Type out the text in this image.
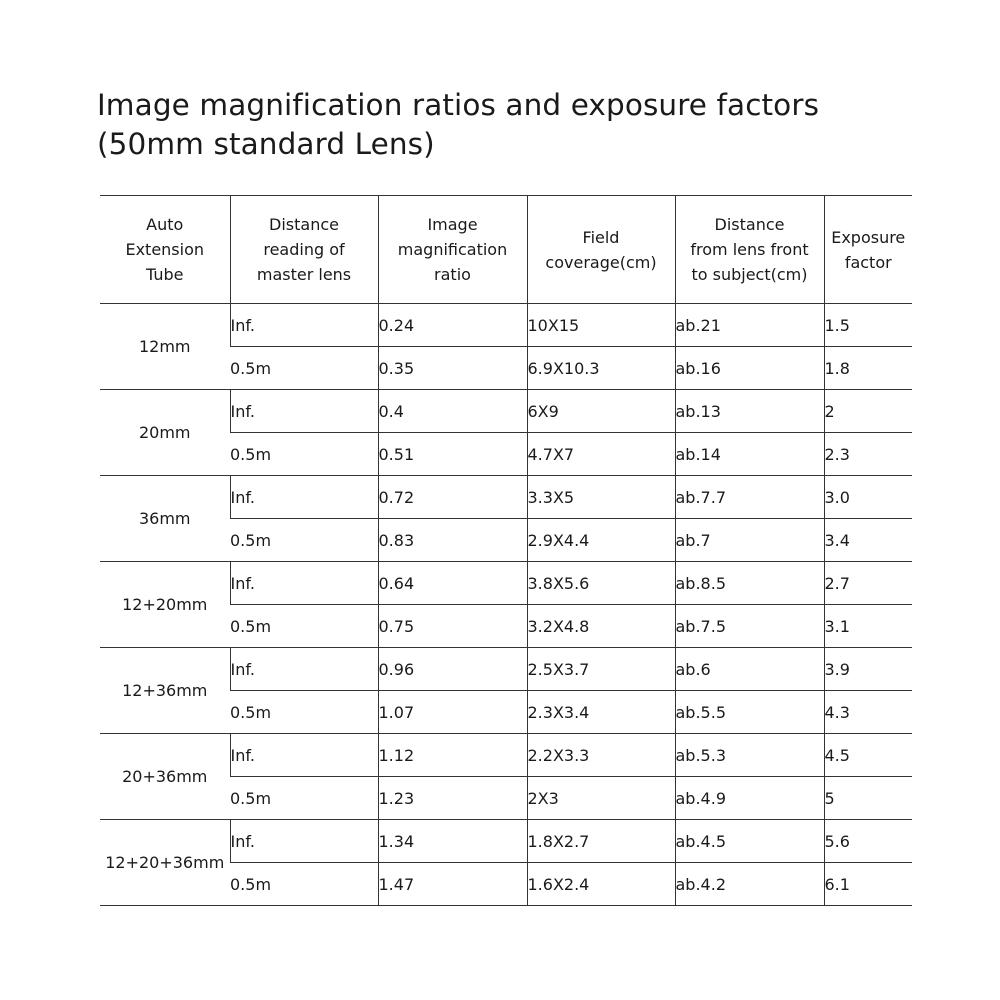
Image magnification ratios and exposure factors
(50mm standard Lens)
Auto
Extension
Tube	Distance
reading of
master lens	Image
magnification
ratio	Field
coverage(cm)	Distance
from lens front
to subject(cm)	Exposure
factor

12mm	Inf.	0.24	10X15	ab.21	1.5
	0.5m	0.35	6.9X10.3	ab.16	1.8
20mm	Inf.	0.4	6X9	ab.13	2
	0.5m	0.51	4.7X7	ab.14	2.3
36mm	Inf.	0.72	3.3X5	ab.7.7	3.0
	0.5m	0.83	2.9X4.4	ab.7	3.4
12+20mm	Inf.	0.64	3.8X5.6	ab.8.5	2.7
	0.5m	0.75	3.2X4.8	ab.7.5	3.1
12+36mm	Inf.	0.96	2.5X3.7	ab.6	3.9
	0.5m	1.07	2.3X3.4	ab.5.5	4.3
20+36mm	Inf.	1.12	2.2X3.3	ab.5.3	4.5
	0.5m	1.23	2X3	ab.4.9	5
12+20+36mm	Inf.	1.34	1.8X2.7	ab.4.5	5.6
	0.5m	1.47	1.6X2.4	ab.4.2	6.1
